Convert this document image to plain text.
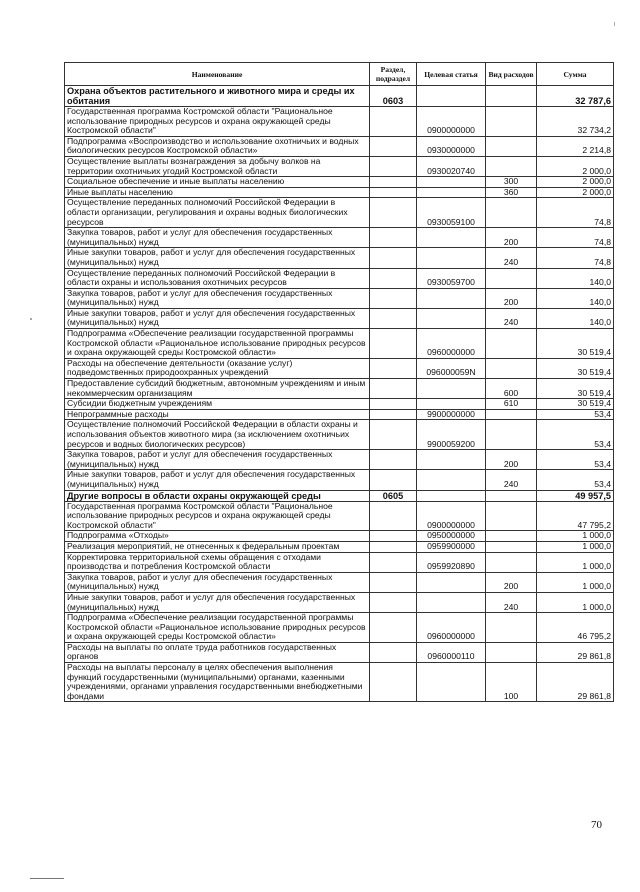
Наименование	Раздел, подраздел	Целевая статья	Вид расходов	Сумма
Охрана объектов растительного и животного мира и среды их обитания	0603			32 787,6
Государственная программа Костромской области "Рациональное использование природных ресурсов и охрана окружающей среды Костромской области"		0900000000		32 734,2
Подпрограмма «Воспроизводство и использование охотничьих и водных биологических ресурсов Костромской области»		0930000000		2 214,8
Осуществление выплаты вознаграждения за добычу волков на территории охотничьих угодий Костромской области		0930020740		2 000,0
Социальное обеспечение и иные выплаты населению			300	2 000,0
Иные выплаты населению			360	2 000,0
Осуществление переданных полномочий Российской Федерации в области организации, регулирования и охраны водных биологических ресурсов		0930059100		74,8
Закупка товаров, работ и услуг для обеспечения государственных (муниципальных) нужд			200	74,8
Иные закупки товаров, работ и услуг для обеспечения государственных (муниципальных) нужд			240	74,8
Осуществление переданных полномочий Российской Федерации в области охраны и использования охотничьих ресурсов		0930059700		140,0
Закупка товаров, работ и услуг для обеспечения государственных (муниципальных) нужд			200	140,0
Иные закупки товаров, работ и услуг для обеспечения государственных (муниципальных) нужд			240	140,0
Подпрограмма «Обеспечение реализации государственной программы Костромской области «Рациональное использование природных ресурсов и охрана окружающей среды Костромской области»		0960000000		30 519,4
Расходы на обеспечение деятельности (оказание услуг) подведомственных природоохранных учреждений		096000059N		30 519,4
Предоставление субсидий бюджетным, автономным учреждениям и иным некоммерческим организациям			600	30 519,4
Субсидии бюджетным учреждениям			610	30 519,4
Непрограммные расходы		9900000000		53,4
Осуществление полномочий Российской Федерации в области охраны и использования объектов животного мира (за исключением охотничьих ресурсов и водных биологических ресурсов)		9900059200		53,4
Закупка товаров, работ и услуг для обеспечения государственных (муниципальных) нужд			200	53,4
Иные закупки товаров, работ и услуг для обеспечения государственных (муниципальных) нужд			240	53,4
Другие вопросы в области охраны окружающей среды	0605			49 957,5
Государственная программа Костромской области "Рациональное использование природных ресурсов и охрана окружающей среды Костромской области"		0900000000		47 795,2
Подпрограмма «Отходы»		0950000000		1 000,0
Реализация мероприятий, не отнесенных к федеральным проектам		0959900000		1 000,0
Корректировка территориальной схемы обращения с отходами производства и потребления Костромской области		0959920890		1 000,0
Закупка товаров, работ и услуг для обеспечения государственных (муниципальных) нужд			200	1 000,0
Иные закупки товаров, работ и услуг для обеспечения государственных (муниципальных) нужд			240	1 000,0
Подпрограмма «Обеспечение реализации государственной программы Костромской области «Рациональное использование природных ресурсов и охрана окружающей среды Костромской области»		0960000000		46 795,2
Расходы на выплаты по оплате труда работников государственных органов		0960000110		29 861,8
Расходы на выплаты персоналу в целях обеспечения выполнения функций государственными (муниципальными) органами, казенными учреждениями, органами управления государственными внебюджетными фондами			100	29 861,8
70
